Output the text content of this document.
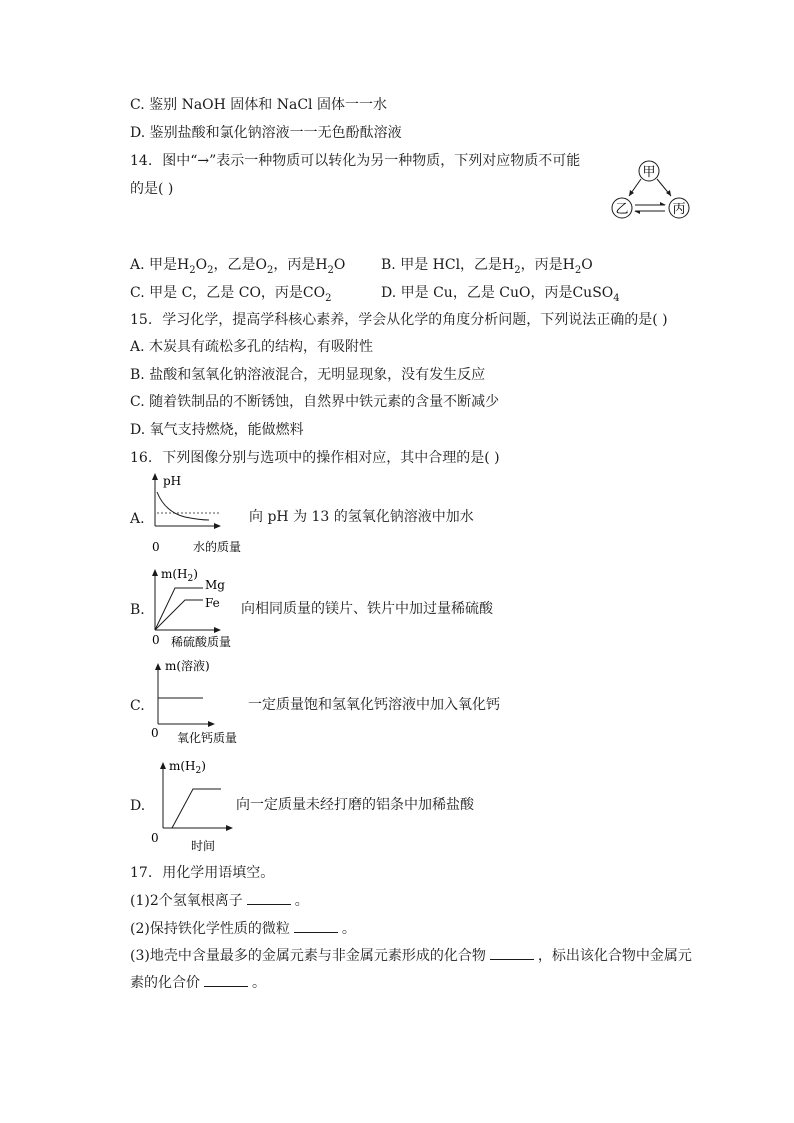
C. 鉴别 NaOH 固体和 NaCl 固体一一水
D. 鉴别盐酸和氯化钠溶液一一无色酚酞溶液
14. 图中“→”表示一种物质可以转化为另一种物质，下列对应物质不可能
的是( )
甲
乙	丙
A. 甲是$H_2O_2$，乙是$O_2$，丙是$H_2O$	B. 甲是 HCl，乙是$H_2$，丙是$H_2O$
C. 甲是 C，乙是 CO，丙是$CO_2$	D. 甲是 Cu，乙是 CuO，丙是CuSO$_4$
15. 学习化学，提高学科核心素养，学会从化学的角度分析问题，下列说法正确的是( )
A. 木炭具有疏松多孔的结构，有吸附性
B. 盐酸和氢氧化钠溶液混合，无明显现象，没有发生反应
C. 随着铁制品的不断锈蚀，自然界中铁元素的含量不断减少
D. 氧气支持燃烧，能做燃料
16. 下列图像分别与选项中的操作相对应，其中合理的是( )
A.
pH
0	水的质量
向 pH 为 13 的氢氧化钠溶液中加水
B.
$m(H_2)$
Mg
Fe
0 稀硫酸质量
向相同质量的镁片、铁片中加过量稀硫酸
C.
m(溶液)
0 氧化钙质量
一定质量饱和氢氧化钙溶液中加入氧化钙
D.
$m(H_2)$
0
时间
向一定质量未经打磨的铝条中加稀盐酸
17. 用化学用语填空。
(1)2个氢氧根离子	。
(2)保持铁化学性质的微粒	。
(3)地壳中含量最多的金属元素与非金属元素形成的化合物	，标出该化合物中金属元
素的化合价	。
